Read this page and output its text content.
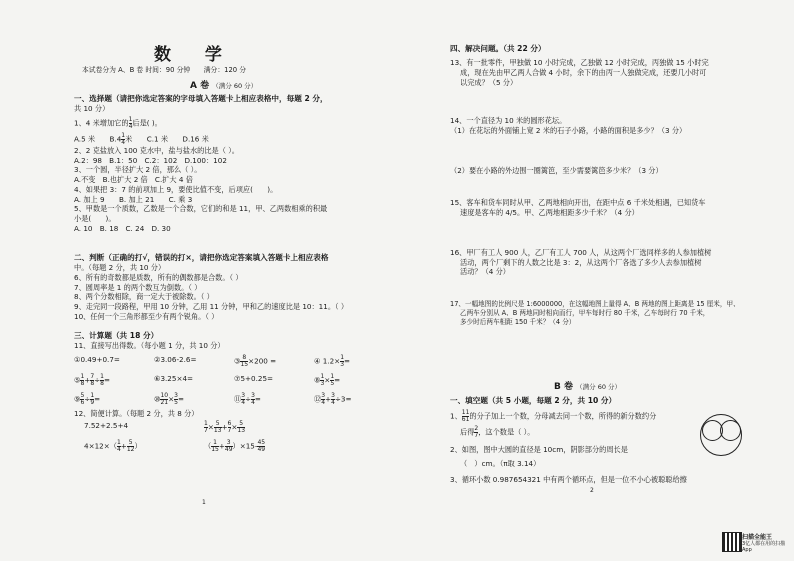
数 学
本试卷分为 A、B 卷 时间：90 分钟　　满分：120 分
A 卷 （满分 60 分）
一、选择题（请把你选定答案的字母填入答题卡上相应表格中，每题 2 分，
共 10 分）
1、4 米增加它的 $\frac{1}{4}$ 后是( )。
A.5 米　　$B.4 \frac{1}{4}$ 米　　C.1 米　　D.16 米
2、2 克盐放入 100 克水中，盐与盐水的比是（ ）。
A.2：98　B.1：50　C.2：102　D.100：102
3、一个圆，半径扩大 2 倍，那么（ ）。
A.不变　B.也扩大 2 倍　C.扩大 4 倍
4、如果把 3：7 的前项加上 9，要使比值不变，后项应(　　)。
A. 加上 9　　B. 加上 21　　C. 乘 3
5、甲数是一个质数，乙数是一个合数，它们的和是 11，甲、乙两数相乘的积最
小是(　　)。
A. 10　B. 18　C. 24　D. 30
二、判断（正确的打√，错误的打×，请把你选定答案填入答题卡上相应表格
中。（每题 2 分，共 10 分）
6、所有的奇数都是质数，所有的偶数都是合数。（ ）
7、圆周率是 1 的两个数互为倒数。（ ）
8、两个分数相除，商一定大于被除数。（ ）
9、走完同一段路程，甲用 10 分钟，乙用 11 分钟，甲和乙的速度比是 10：11。（ ）
10、任何一个三角形都至少有两个锐角。（ ）
三、计算题（共 18 分）
11、直接写出得数。（每小题 1 分，共 10 分）
①0.49+0.7=	②3.06-2.6=	③ $\frac{8}{15} \times 200$ =	④ $1.2\times \frac{1}{3}$ =
⑤ $\frac{1}{8} + \frac{7}{8} \div \frac{1}{8}$ =	⑥3.25×4=	⑦5+0.25=	⑧ $\frac{1}{3} \times \frac{1}{5}$ =
⑨ $\frac{5}{6} \div \frac{1}{9}$ =	⑩ $\frac{10}{21} \times \frac{3}{5}$ =	⑪ $\frac{3}{4} \div \frac{3}{4}$ =	⑫ $\frac{3}{4} + \frac{3}{4} \div 3=$
12、简便计算。（每题 2 分，共 8 分）
7.52+2.5+4	$\frac{1}{7} \times \frac{5}{13} + \frac{6}{7} \times \frac{5}{13}$
$4\times 12\times( \frac{1}{4} + \frac{5}{12}$ ）	（ $\frac{1}{15} + \frac{3}{49} )\times 15- \frac{45}{49}$
1
四、解决问题。（共 22 分）
13、有一批零件，甲独做 10 小时完成，乙独做 12 小时完成，丙独做 15 小时完
成，现在先由甲乙两人合做 4 小时，余下的由丙一人独做完成，还要几小时可
以完成？（5 分）
14、一个直径为 10 米的圆形花坛。
（1）在花坛的外面铺上宽 2 米的石子小路，小路的面积是多少？（3 分）
（2）要在小路的外边围一圈篱笆，至少需要篱笆多少米？（3 分）
15、客车和货车同时从甲、乙两地相向开出，在距中点 6 千米处相遇，已知货车
速度是客车的 4/5。甲、乙两地相距多少千米？（4 分）
16、甲厂有工人 900 人，乙厂有工人 700 人，从这两个厂选同样多的人参加植树
活动，两个厂剩下的人数之比是 3：2，从这两个厂各选了多少人去参加植树
活动？（4 分）
17、一幅地图的比例尺是 1:6000000，在这幅地图上量得 A、B 两地的图上距离是 15 厘米，甲、
乙两车分别从 A、B 两地同时相向而行，甲车每时行 80 千米，乙车每时行 70 千米，
多少时后两车相距 150 千米？（4 分）
B 卷 （满分 60 分）
一、填空题（共 5 小题，每题 2 分，共 10 分）
1、 $\frac{11}{61}$ 的分子加上一个数，分母减去同一个数，所得的新分数约分
后得 $\frac{2}{7}$ ，这个数是（ ）。
2、如图，图中大圆的直径是 10cm，阴影部分的周长是
（　）cm。（π取 3.14）
3、循环小数 0.987654321 中有两个循环点，但是一位不小心被聪聪给擦
2
扫描全能王
3亿人都在用的扫描App
